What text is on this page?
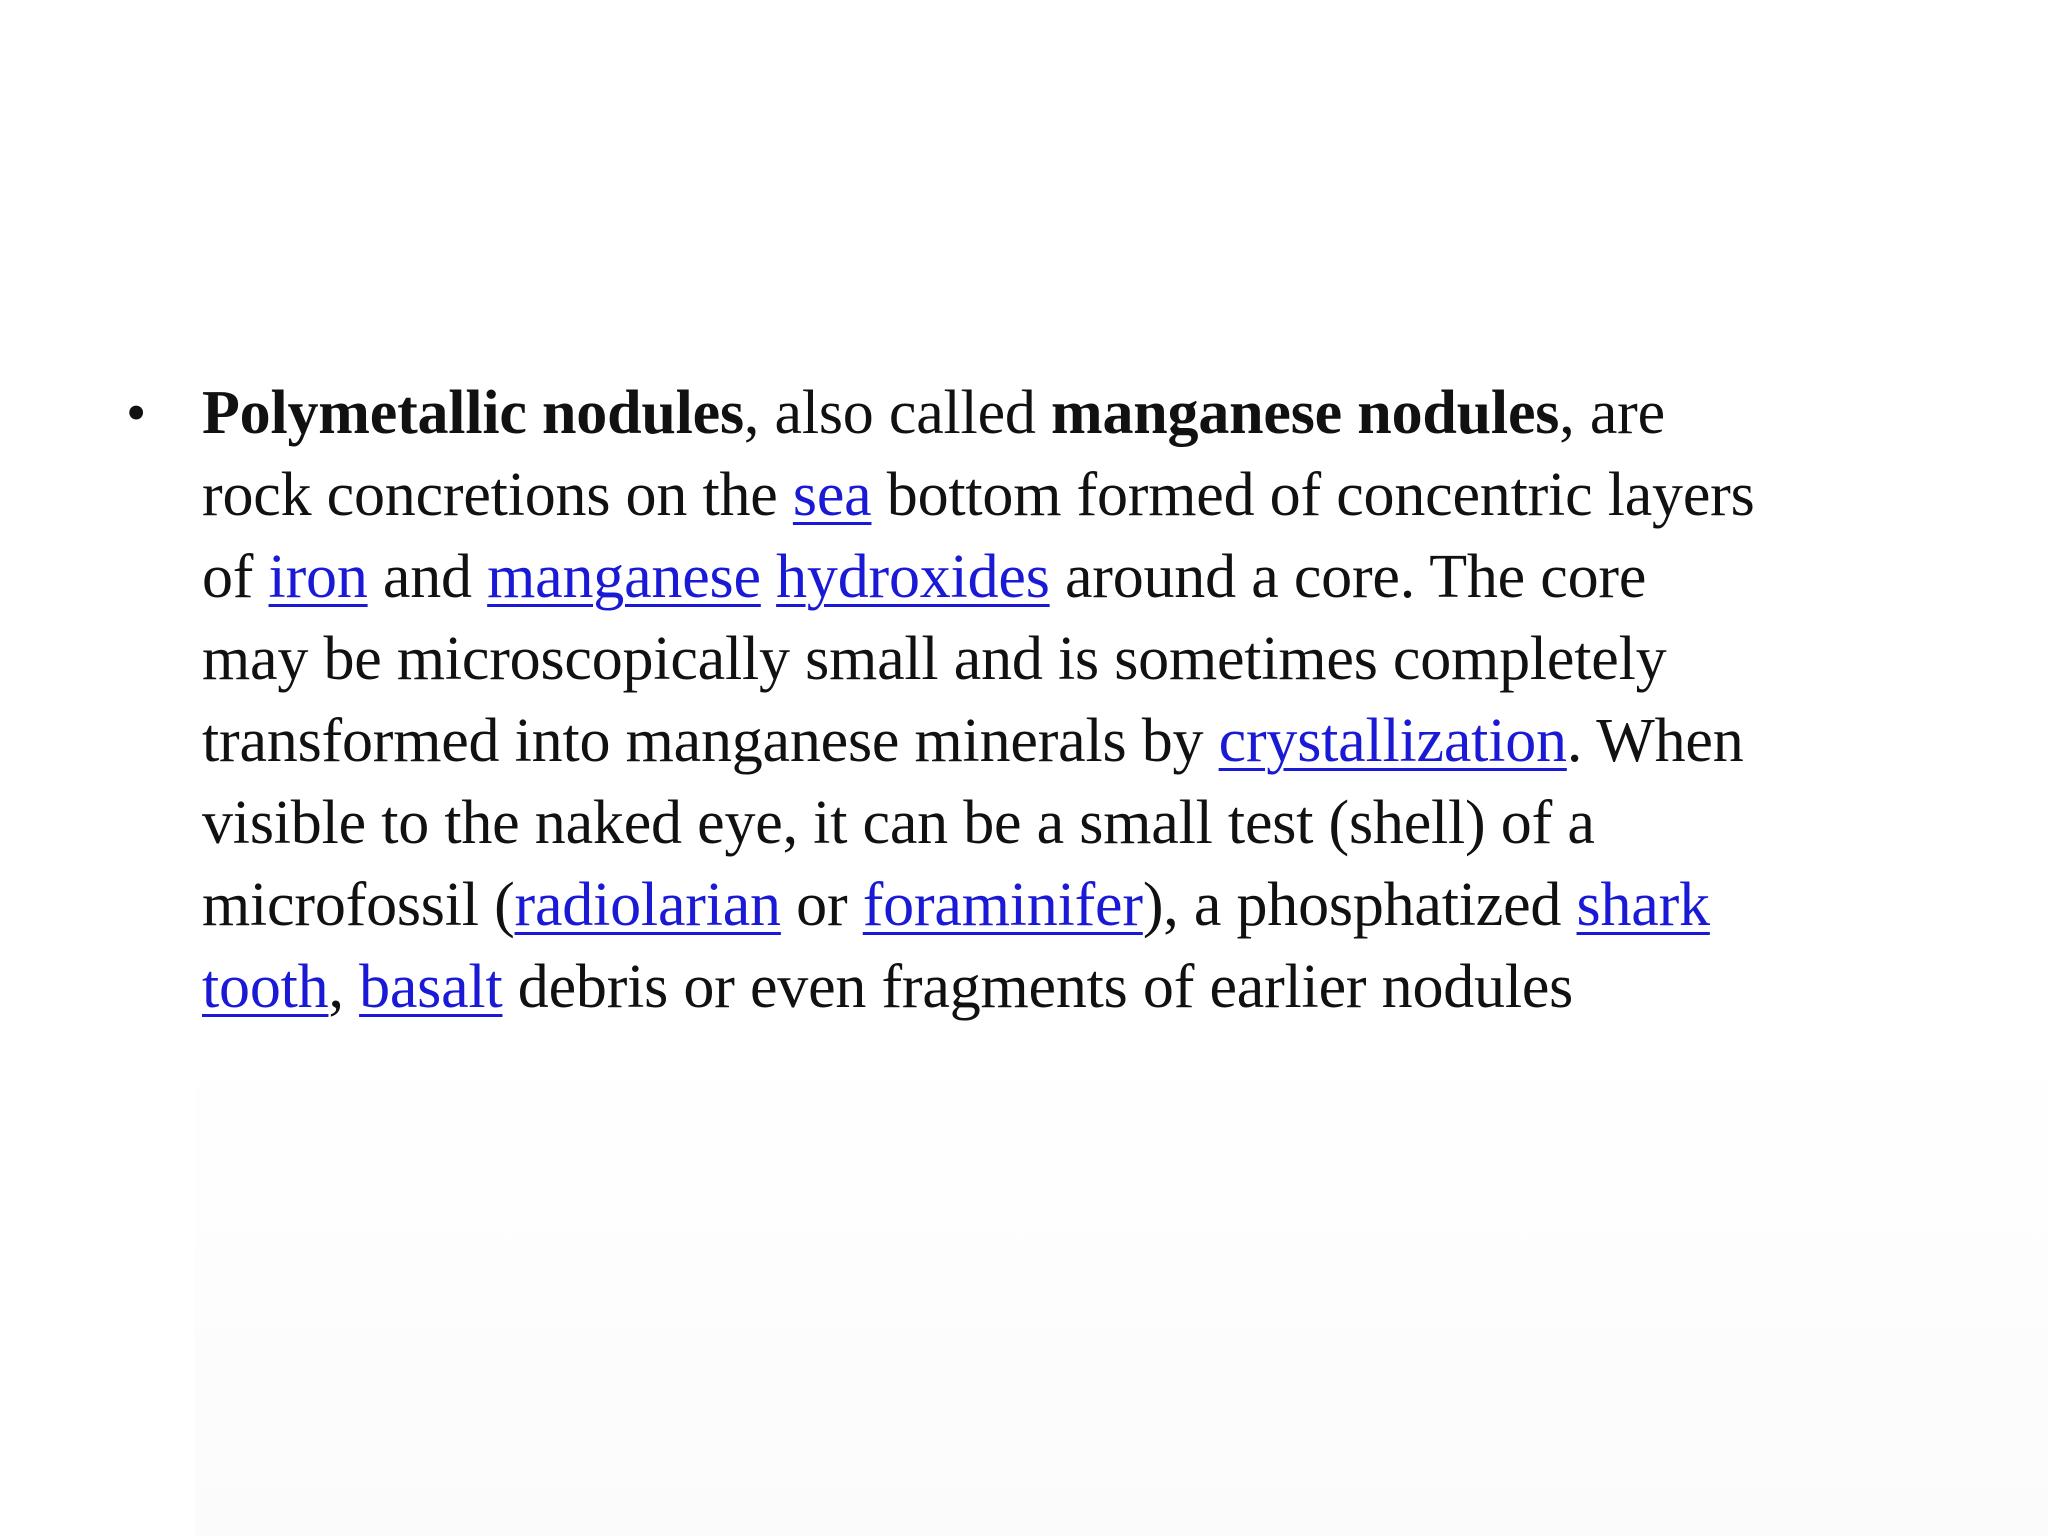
• Polymetallic nodules, also called manganese nodules, are
rock concretions on the sea bottom formed of concentric layers
of iron and manganese hydroxides around a core. The core
may be microscopically small and is sometimes completely
transformed into manganese minerals by crystallization. When
visible to the naked eye, it can be a small test (shell) of a
microfossil (radiolarian or foraminifer), a phosphatized shark
tooth, basalt debris or even fragments of earlier nodules
